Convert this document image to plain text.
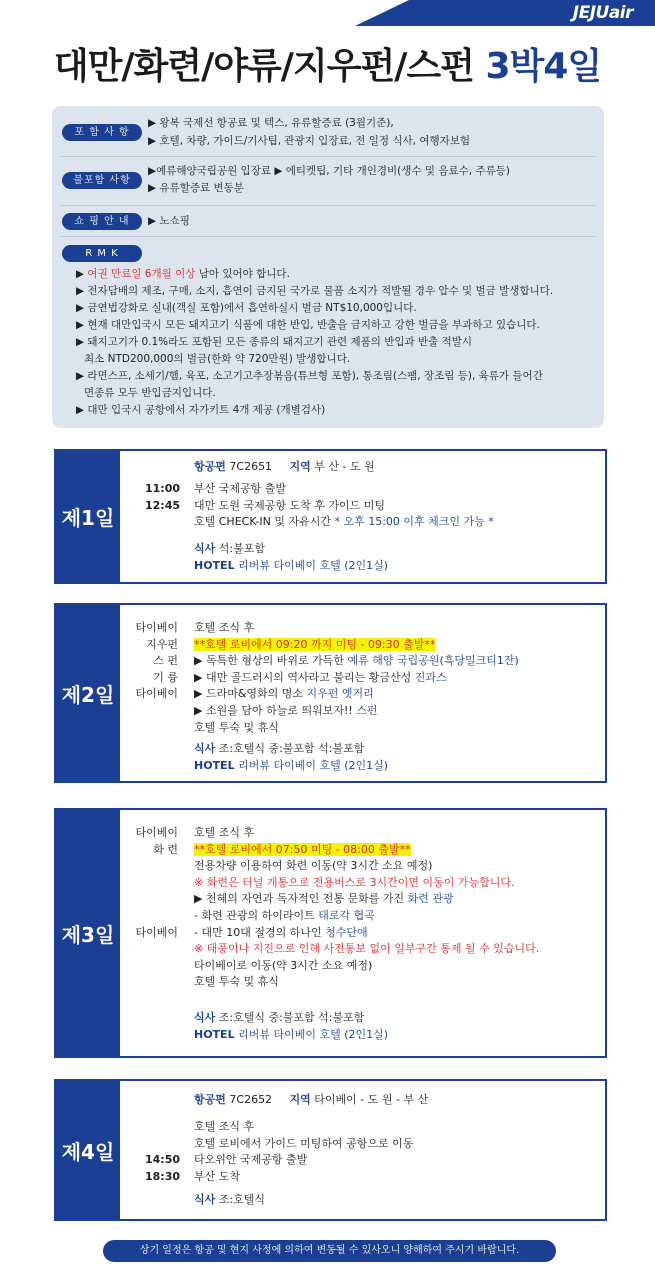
JEJUair
대만/화련/야류/지우펀/스펀 3박4일
포 함 사 항
▶ 왕복 국제선 항공료 및 텍스, 유류할증료 (3월기준),
▶ 호텔, 차량, 가이드/기사팁, 관광지 입장료, 전 일정 식사, 여행자보험
불포함 사항
▶예류해양국립공원 입장료 ▶ 에티켓팁, 기타 개인경비(생수 및 음료수, 주류등)
▶ 유류할증료 변동분
쇼 핑 안 내	▶ 노쇼핑
R M K
▶ 여권 만료일 6개월 이상 남아 있어야 합니다.
▶ 전자담배의 제조, 구매, 소지, 흡연이 금지된 국가로 물품 소지가 적발될 경우 압수 및 벌금 발생합니다.
▶ 금연법강화로 실내(객실 포함)에서 흡연하실시 벌금 NT$10,000입니다.
▶ 현재 대만입국시 모든 돼지고기 식품에 대한 반입, 반출을 금지하고 강한 벌금을 부과하고 있습니다.
▶ 돼지고기가 0.1%라도 포함된 모든 종류의 돼지고기 관련 제품의 반입과 반출 적발시
최소 NTD200,000의 벌금(한화 약 720만원) 발생합니다.
▶ 라면스프, 소세기/햄, 육포, 소고기고추장볶음(튜브형 포함), 통조림(스팸, 장조림 등), 육류가 들어간
면종류 모두 반입금지입니다.
▶ 대만 입국시 공항에서 자가키트 4개 제공 (개별검사)
제1일
항공편 7C2651 지역 부 산 - 도 원
11:00
12:45
부산 국제공항 출발
대만 도원 국제공항 도착 후 가이드 미팅
호텔 CHECK-IN 및 자유시간 * 오후 15:00 이후 체크인 가능 *
식사 석:불포함
HOTEL 리버뷰 타이베이 호텔 (2인1실)
제2일
타이베이
지우펀
스 펀
기 륭
타이베이
호텔 조식 후
**호텔 로비에서 09:20 까지 미팅 - 09:30 출발**
▶ 독특한 형상의 바위로 가득한 예류 해양 국립공원(흑당밀크티1잔)
▶ 대만 골드러시의 역사라고 불리는 황금산성 진과스
▶ 드라마&영화의 명소 지우펀 옛거리
▶ 소원을 담아 하늘로 띄워보자!! 스펀
호텔 투숙 및 휴식
식사 조:호텔식 중:불포함 석:불포함
HOTEL 리버뷰 타이베이 호텔 (2인1실)
제3일
타이베이
화 련
타이베이
호텔 조식 후
**호텔 로비에서 07:50 미팅 - 08:00 출발**
전용차량 이용하여 화련 이동(약 3시간 소요 예정)
※ 화련은 터널 개통으로 전용버스로 3시간이면 이동이 가능합니다.
▶ 천혜의 자연과 독자적인 전통 문화를 가진 화련 관광
- 화련 관광의 하이라이트 태로각 협곡
- 대만 10대 절경의 하나인 청수단애
※ 태풍이나 지진으로 인해 사전통보 없이 일부구간 통제 될 수 있습니다.
타이베이로 이동(약 3시간 소요 예정)
호텔 투숙 및 휴식
식사 조:호텔식 중:불포함 석:불포함
HOTEL 리버뷰 타이베이 호텔 (2인1실)
제4일
항공편 7C2652 지역 타이베이 - 도 원 - 부 산
호텔 조식 후
호텔 로비에서 가이드 미팅하여 공항으로 이동
타오위안 국제공항 출발
부산 도착
14:50
18:30
식사 조:호텔식
상기 일정은 항공 및 현지 사정에 의하여 변동될 수 있사오니 양해하여 주시기 바랍니다.
